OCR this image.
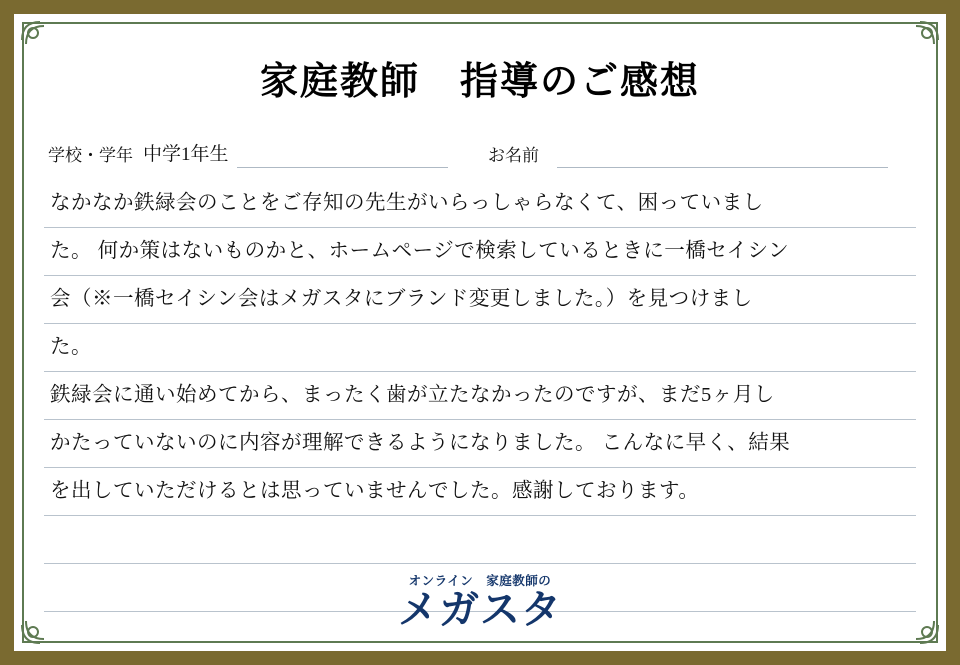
家庭教師　指導のご感想
学校・学年 中学1年生	お名前
なかなか鉄緑会のことをご存知の先生がいらっしゃらなくて、困っていまし
た。 何か策はないものかと、ホームページで検索しているときに一橋セイシン
会（※一橋セイシン会はメガスタにブランド変更しました。）を見つけまし
た。
鉄緑会に通い始めてから、まったく歯が立たなかったのですが、まだ5ヶ月し
かたっていないのに内容が理解できるようになりました。 こんなに早く、結果
を出していただけるとは思っていませんでした。感謝しております。
オンライン　家庭教師の
メガスタ
